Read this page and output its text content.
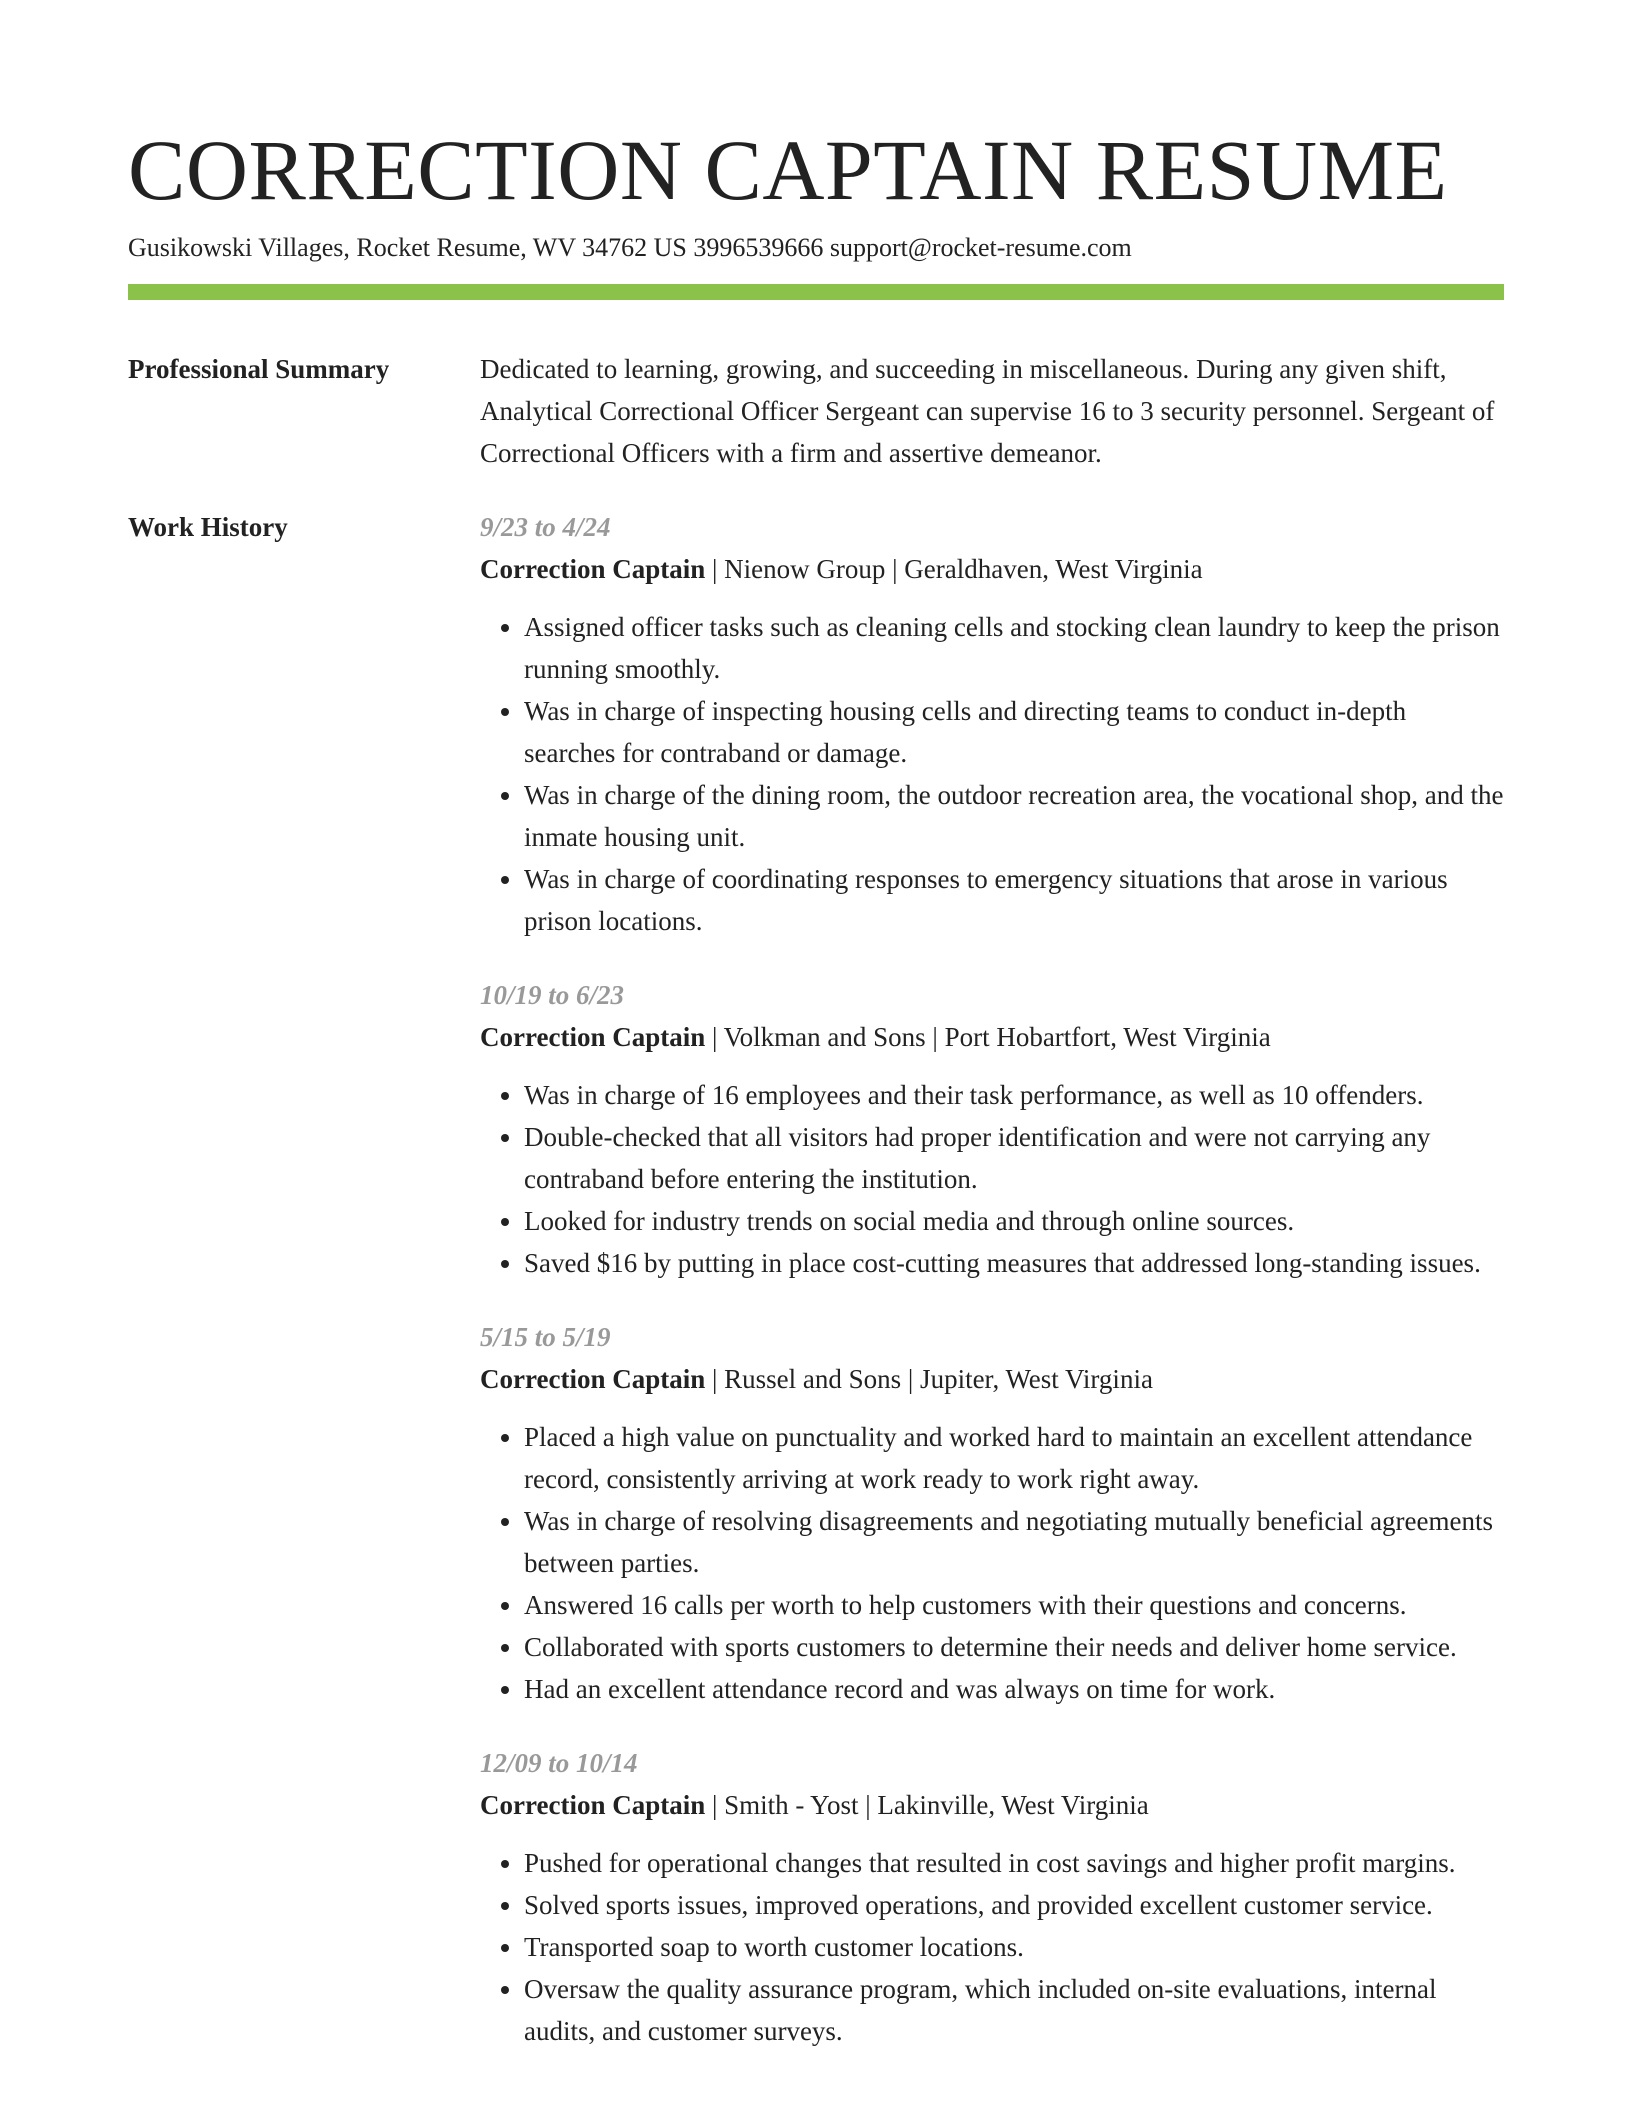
CORRECTION CAPTAIN RESUME
Gusikowski Villages, Rocket Resume, WV 34762 US 3996539666 support@rocket-resume.com
Professional Summary	Dedicated to learning, growing, and succeeding in miscellaneous. During any given shift, Analytical Correctional Officer Sergeant can supervise 16 to 3 security personnel. Sergeant of Correctional Officers with a firm and assertive demeanor.

Work History	9/23 to 4/24
Correction Captain | Nienow Group | Geraldhaven, West Virginia
• Assigned officer tasks such as cleaning cells and stocking clean laundry to keep the prison running smoothly.
• Was in charge of inspecting housing cells and directing teams to conduct in-depth searches for contraband or damage.
• Was in charge of the dining room, the outdoor recreation area, the vocational shop, and the inmate housing unit.
• Was in charge of coordinating responses to emergency situations that arose in various prison locations.
10/19 to 6/23
Correction Captain | Volkman and Sons | Port Hobartfort, West Virginia
• Was in charge of 16 employees and their task performance, as well as 10 offenders.
• Double-checked that all visitors had proper identification and were not carrying any contraband before entering the institution.
• Looked for industry trends on social media and through online sources.
• Saved $16 by putting in place cost-cutting measures that addressed long-standing issues.
5/15 to 5/19
Correction Captain | Russel and Sons | Jupiter, West Virginia
• Placed a high value on punctuality and worked hard to maintain an excellent attendance record, consistently arriving at work ready to work right away.
• Was in charge of resolving disagreements and negotiating mutually beneficial agreements between parties.
• Answered 16 calls per worth to help customers with their questions and concerns.
• Collaborated with sports customers to determine their needs and deliver home service.
• Had an excellent attendance record and was always on time for work.
12/09 to 10/14
Correction Captain | Smith - Yost | Lakinville, West Virginia
• Pushed for operational changes that resulted in cost savings and higher profit margins.
• Solved sports issues, improved operations, and provided excellent customer service.
• Transported soap to worth customer locations.
• Oversaw the quality assurance program, which included on-site evaluations, internal audits, and customer surveys.
